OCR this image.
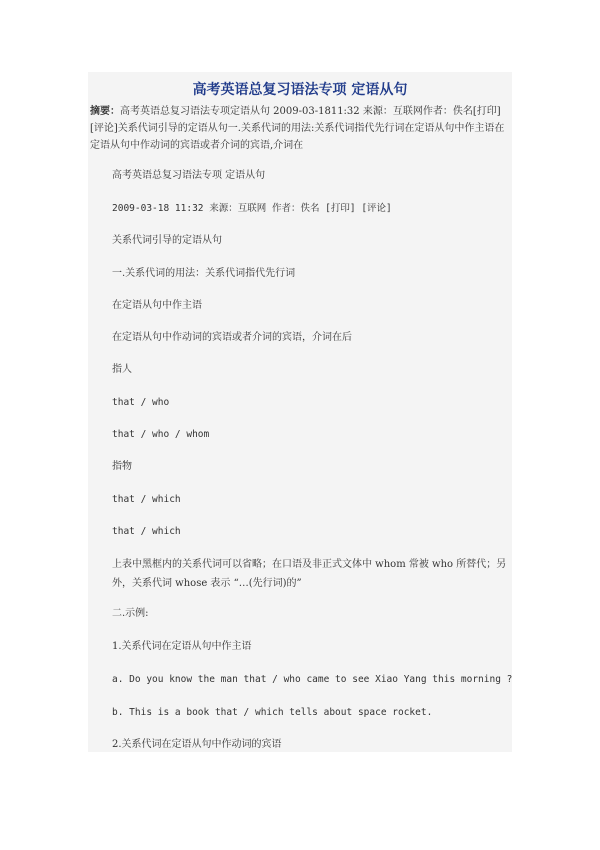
高考英语总复习语法专项 定语从句

摘要：高考英语总复习语法专项定语从句 2009-03-1811:32 来源：互联网作者：佚名[打印][评论]关系代词引导的定语从句一.关系代词的用法:关系代词指代先行词在定语从句中作主语在定语从句中作动词的宾语或者介词的宾语,介词在

高考英语总复习语法专项 定语从句

2009-03-18 11:32 来源：互联网 作者：佚名 [打印] [评论]

关系代词引导的定语从句

一.关系代词的用法：关系代词指代先行词

在定语从句中作主语

在定语从句中作动词的宾语或者介词的宾语，介词在后

指人

that / who

that / who / whom

指物

that / which

that / which

上表中黑框内的关系代词可以省略；在口语及非正式文体中 whom 常被 who 所替代；另外，关系代词 whose 表示 “…(先行词)的”

二.示例:

1.关系代词在定语从句中作主语

a. Do you know the man that / who came to see Xiao Yang this morning ?

b. This is a book that / which tells about space rocket.

2.关系代词在定语从句中作动词的宾语
